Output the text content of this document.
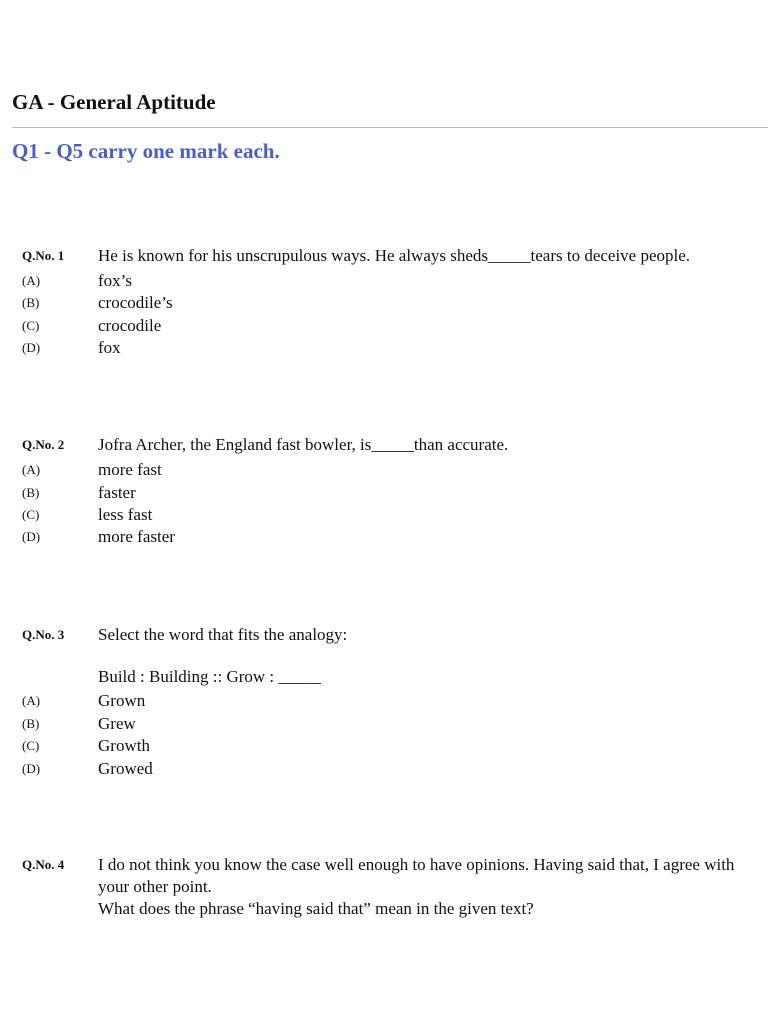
GA - General Aptitude

Q1 - Q5 carry one mark each.

Q.No. 1 He is known for his unscrupulous ways. He always sheds_____tears to deceive people.
(A)	fox’s
(B)	crocodile’s
(C)	crocodile
(D)	fox
Q.No. 2 Jofra Archer, the England fast bowler, is_____than accurate.
(A)	more fast
(B)	faster
(C)	less fast
(D)	more faster
Q.No. 3 Select the word that fits the analogy:
Build : Building :: Grow : _____
(A)	Grown
(B)	Grew
(C)	Growth
(D)	Growed
Q.No. 4 I do not think you know the case well enough to have opinions. Having said that, I agree with your other point.
What does the phrase “having said that” mean in the given text?
